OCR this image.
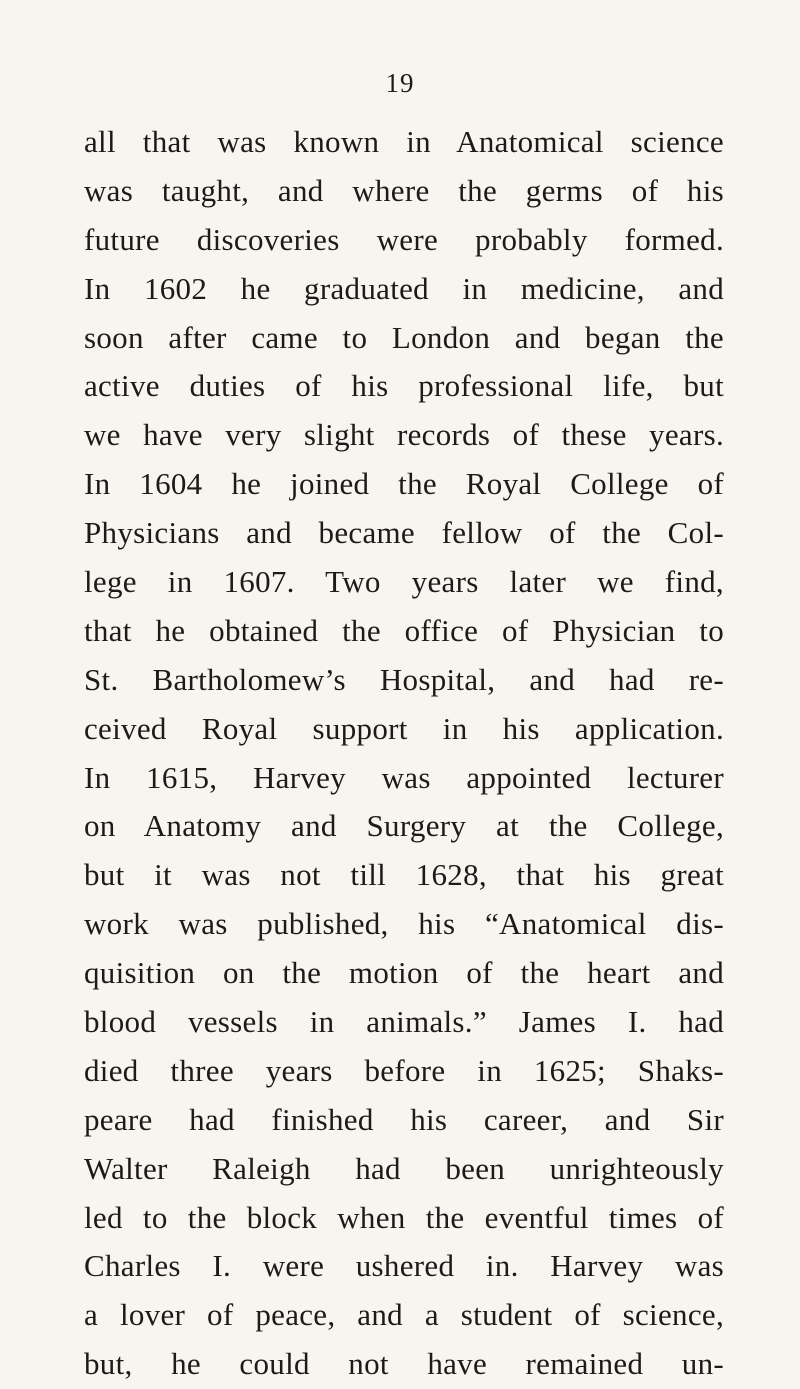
19
all that was known in Anatomical science
was taught, and where the germs of his
future discoveries were probably formed.
In 1602 he graduated in medicine, and
soon after came to London and began the
active duties of his professional life, but
we have very slight records of these years.
In 1604 he joined the Royal College of
Physicians and became fellow of the Col-
lege in 1607. Two years later we find,
that he obtained the office of Physician to
St. Bartholomew’s Hospital, and had re-
ceived Royal support in his application.
In 1615, Harvey was appointed lecturer
on Anatomy and Surgery at the College,
but it was not till 1628, that his great
work was published, his “Anatomical dis-
quisition on the motion of the heart and
blood vessels in animals.” James I. had
died three years before in 1625; Shaks-
peare had finished his career, and Sir
Walter Raleigh had been unrighteously
led to the block when the eventful times of
Charles I. were ushered in. Harvey was
a lover of peace, and a student of science,
but, he could not have remained un-
